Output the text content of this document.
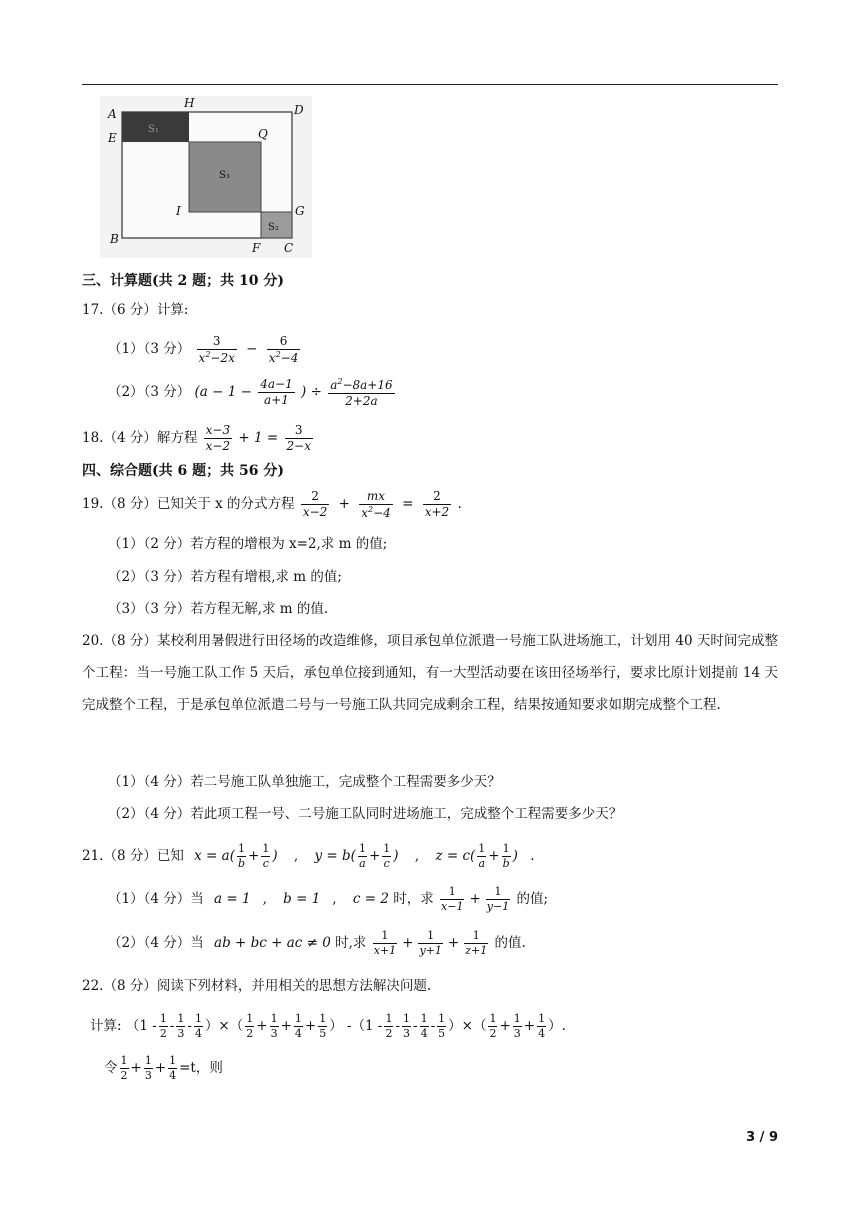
A
H	D
E	Q
I	G
B
F C
S₁
S₃
S₂
三、计算题(共 2 题；共 10 分)
17.（6 分）计算:
（1）（3 分） $\frac{3}{x^2-2x} - \frac{6}{x^2-4}$
（2）（3 分） ($a - 1 - \frac{4a-1}{a+1}$ ) ÷ $\frac{a^2-8a+16}{2+2a}$
18.（4 分）解方程 $\frac{x-3}{x-2} + 1 = \frac{3}{2-x}$
四、综合题(共 6 题；共 56 分)
19.（8 分）已知关于 x 的分式方程 $\frac{2}{x-2} + \frac{mx}{x^2-4} = \frac{2}{x+2}$ .
（1）（2 分）若方程的增根为 x=2,求 m 的值;
（2）（3 分）若方程有增根,求 m 的值;
（3）（3 分）若方程无解,求 m 的值.
20.（8 分）某校利用暑假进行田径场的改造维修，项目承包单位派遣一号施工队进场施工，计划用 40 天时间完成整个工程：当一号施工队工作 5 天后，承包单位接到通知，有一大型活动要在该田径场举行，要求比原计划提前 14 天完成整个工程，于是承包单位派遣二号与一号施工队共同完成剩余工程，结果按通知要求如期完成整个工程.
（1）（4 分）若二号施工队单独施工，完成整个工程需要多少天？
（2）（4 分）若此项工程一号、二号施工队同时进场施工，完成整个工程需要多少天？
21.（8 分）已知 $x = a( \frac{1}{b} + \frac{1}{c}$ ) , $y = b( \frac{1}{a} + \frac{1}{c}$ ) , $z = c( \frac{1}{a} + \frac{1}{b}$ ) .
（1）（4 分）当 a = 1 , b = 1 , c = 2 时，求 $\frac{1}{x-1} + \frac{1}{y-1}$ 的值;
（2）（4 分）当 ab + bc + ac ≠ 0 时,求 $\frac{1}{x+1} + \frac{1}{y+1} + \frac{1}{z+1}$ 的值.
22.（8 分）阅读下列材料，并用相关的思想方法解决问题.
计算: （$1 - \frac{1}{2} - \frac{1}{3} - \frac{1}{4}$ ）×（ $\frac{1}{2} + \frac{1}{3} + \frac{1}{4} + \frac{1}{5}$ ） $-(1 - \frac{1}{2} - \frac{1}{3} - \frac{1}{4} - \frac{1}{5}$ ）×（ $\frac{1}{2} + \frac{1}{3} + \frac{1}{4}$ ）.
令 $\frac{1}{2} + \frac{1}{3} + \frac{1}{4} =t$，则
3 / 9
